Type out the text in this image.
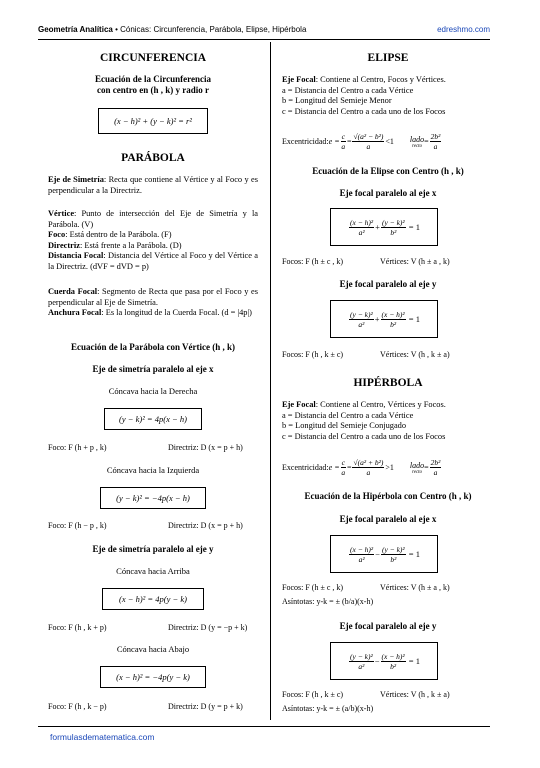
Geometría Analítica • Cónicas: Circunferencia, Parábola, Elipse, Hipérbola	edreshmo.com
formulasdematematica.com
CIRCUNFERENCIA
Ecuación de la Circunferencia
con centro en (h , k) y radio r
(x − h)² + (y − k)² = r²
PARÁBOLA
Eje de Simetría: Recta que contiene al Vértice y al Foco y es perpendicular a la Directriz.
Vértice: Punto de intersección del Eje de Simetría y la Parábola. (V)
Foco: Está dentro de la Parábola. (F)
Directriz: Está frente a la Parábola. (D)
Distancia Focal: Distancia del Vértice al Foco y del Vértice a la Directriz. (dVF = dVD = p)
Cuerda Focal: Segmento de Recta que pasa por el Foco y es perpendicular al Eje de Simetría.
Anchura Focal: Es la longitud de la Cuerda Focal. (d = |4p|)
Ecuación de la Parábola con Vértice (h , k)
Eje de simetría paralelo al eje x
Cóncava hacia la Derecha
(y − k)² = 4p(x − h)
Foco: F (h + p , k)	Directriz: D (x = p + h)
Cóncava hacia la Izquierda
(y − k)² = −4p(x − h)
Foco: F (h − p , k)	Directriz: D (x = p + h)
Eje de simetría paralelo al eje y
Cóncava hacia Arriba
(x − h)² = 4p(y − k)
Foco: F (h , k + p)	Directriz: D (y = −p + k)
Cóncava hacia Abajo
(x − h)² = −4p(y − k)
Foco: F (h , k − p)	Directriz: D (y = p + k)
ELIPSE
Eje Focal: Contiene al Centro, Focos y Vértices.
a = Distancia del Centro a cada Vértice
b = Longitud del Semieje Menor
c = Distancia del Centro a cada uno de los Focos
Excentricidad: $e = \frac{c}{a} = \frac{\text{√(a² − b²)}}{a} <1$ lado
recto = $\frac{\text{2b²}}{a}$
Ecuación de la Elipse con Centro (h , k)
Eje focal paralelo al eje x
$\frac{\text{(x − h)²}}{\text{a²}} + \frac{\text{(y − k)²}}{\text{b²}}$
= 1
Focos: F (h ± c , k)	Vértices: V (h ± a , k)
Eje focal paralelo al eje y
$\frac{\text{(y − k)²}}{\text{a²}} + \frac{\text{(x − h)²}}{\text{b²}}$
= 1
Focos: F (h , k ± c)	Vértices: V (h , k ± a)
HIPÉRBOLA
Eje Focal: Contiene al Centro, Vértices y Focos.
a = Distancia del Centro a cada Vértice
b = Longitud del Semieje Conjugado
c = Distancia del Centro a cada uno de los Focos
Excentricidad: $e = \frac{c}{a} = \frac{\text{√(a² + b²)}}{a} >1$ lado
recto = $\frac{\text{2b²}}{a}$
Ecuación de la Hipérbola con Centro (h , k)
Eje focal paralelo al eje x
$\frac{\text{(x − h)²}}{\text{a²}} - \frac{\text{(y − k)²}}{\text{b²}}$
= 1
Focos: F (h ± c , k)	Vértices: V (h ± a , k)
Asíntotas: y-k = ± (b/a)(x-h)
Eje focal paralelo al eje y
$\frac{\text{(y − k)²}}{\text{a²}} - \frac{\text{(x − h)²}}{\text{b²}}$
= 1
Focos: F (h , k ± c)	Vértices: V (h , k ± a)
Asíntotas: y-k = ± (a/b)(x-h)
